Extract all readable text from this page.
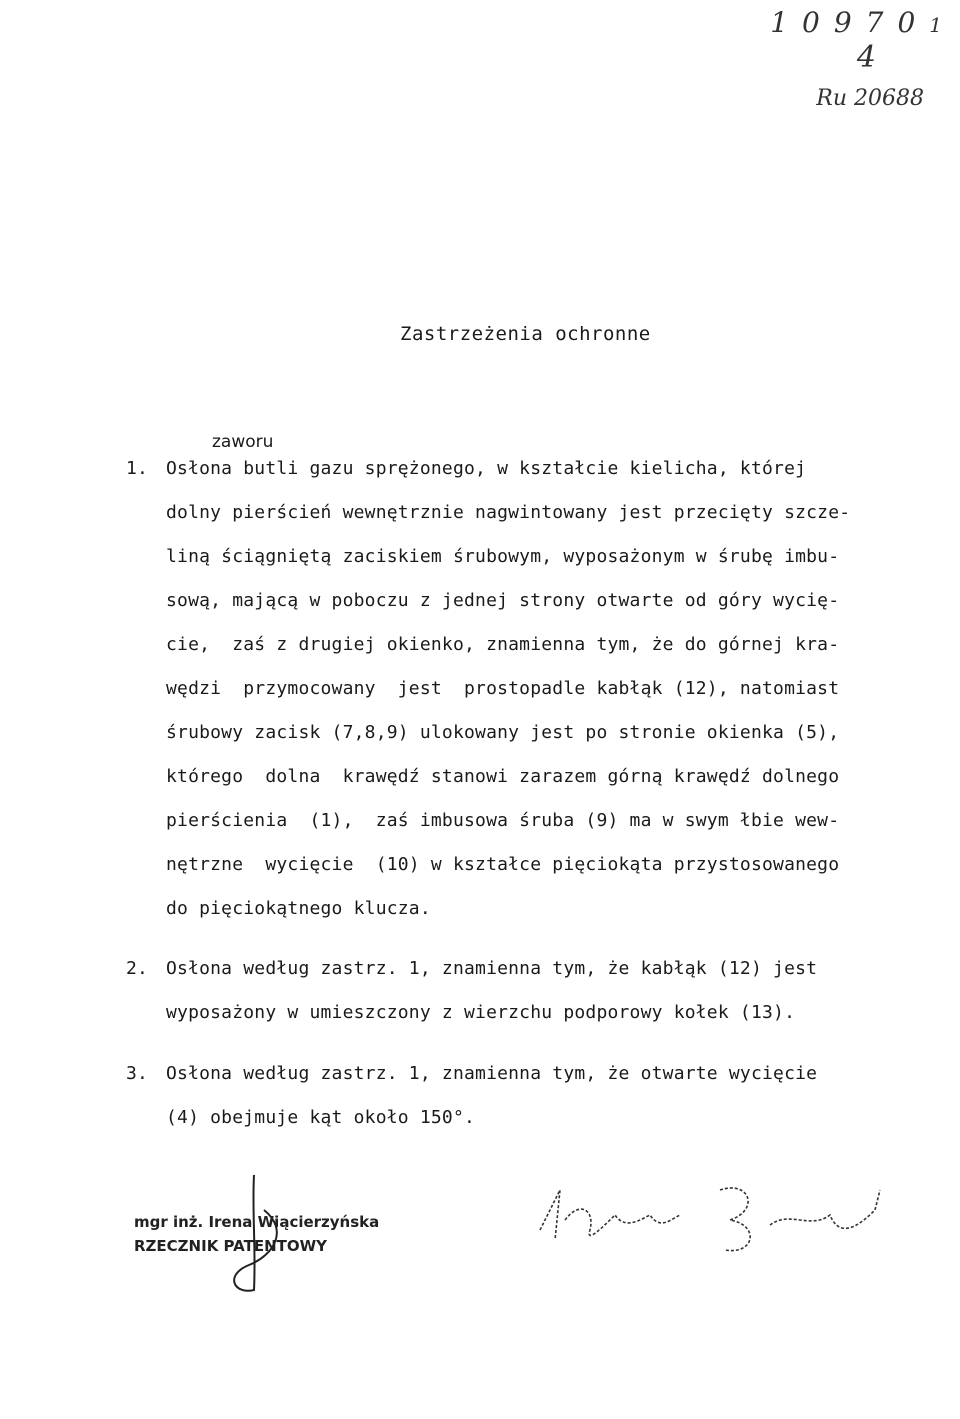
109701
4
Ru 20688
Zastrzeżenia ochronne
zaworu
1. Osłona butli gazu sprężonego, w kształcie kielicha, której
dolny pierścień wewnętrznie nagwintowany jest przecięty szcze-
liną ściągniętą zaciskiem śrubowym, wyposażonym w śrubę imbu-
sową, mającą w poboczu z jednej strony otwarte od góry wycię-
cie,  zaś z drugiej okienko, znamienna tym, że do górnej kra-
wędzi  przymocowany  jest  prostopadle kabłąk (12), natomiast
śrubowy zacisk (7,8,9) ulokowany jest po stronie okienka (5),
którego  dolna  krawędź stanowi zarazem górną krawędź dolnego
pierścienia  (1),  zaś imbusowa śruba (9) ma w swym łbie wew-
nętrzne  wycięcie  (10) w kształce pięciokąta przystosowanego
do pięciokątnego klucza.
2. Osłona według zastrz. 1, znamienna tym, że kabłąk (12) jest
wyposażony w umieszczony z wierzchu podporowy kołek (13).
3. Osłona według zastrz. 1, znamienna tym, że otwarte wycięcie
(4) obejmuje kąt około 150°.
mgr inż. Irena Wiącierzyńska
RZECZNIK PATENTOWY
